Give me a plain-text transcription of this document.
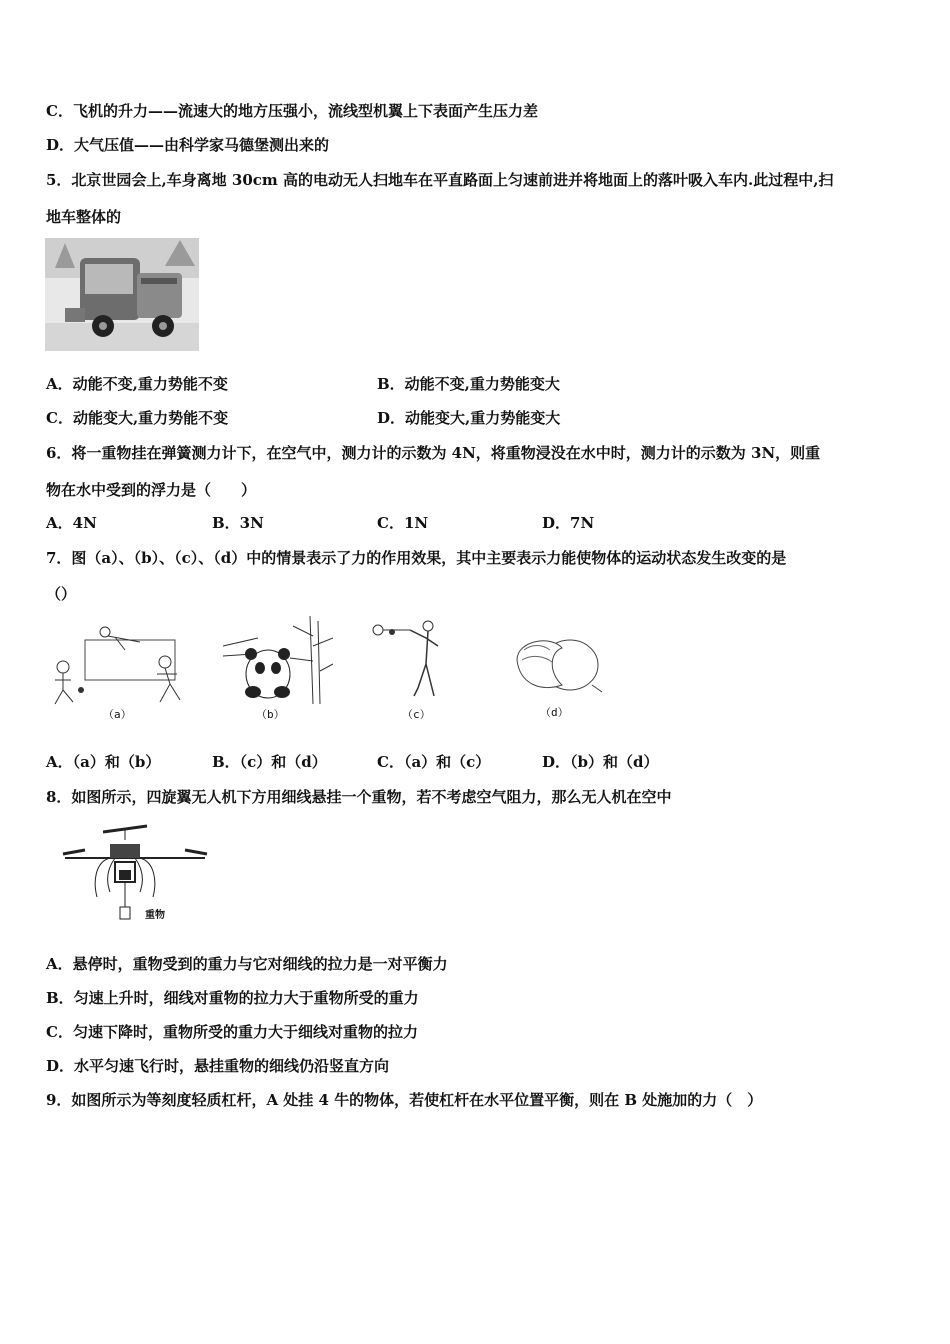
C．飞机的升力——流速大的地方压强小，流线型机翼上下表面产生压力差
D．大气压值——由科学家马德堡测出来的
5．北京世园会上,车身离地 30cm 高的电动无人扫地车在平直路面上匀速前进并将地面上的落叶吸入车内.此过程中,扫
地车整体的
A．动能不变,重力势能不变	B．动能不变,重力势能变大
C．动能变大,重力势能不变	D．动能变大,重力势能变大
6．将一重物挂在弹簧测力计下，在空气中，测力计的示数为 4N，将重物浸没在水中时，测力计的示数为 3N，则重
物在水中受到的浮力是（　　）
A．4N	B．3N	C．1N	D．7N
7．图（a）、（b）、（c）、（d）中的情景表示了力的作用效果，其中主要表示力能使物体的运动状态发生改变的是
（）
（a）	（b）	（c）	（d）
A．（a）和（b）	B．（c）和（d）	C．（a）和（c）	D．（b）和（d）
8．如图所示，四旋翼无人机下方用细线悬挂一个重物，若不考虑空气阻力，那么无人机在空中
重物
A．悬停时，重物受到的重力与它对细线的拉力是一对平衡力
B．匀速上升时，细线对重物的拉力大于重物所受的重力
C．匀速下降时，重物所受的重力大于细线对重物的拉力
D．水平匀速飞行时，悬挂重物的细线仍沿竖直方向
9．如图所示为等刻度轻质杠杆，A 处挂 4 牛的物体，若使杠杆在水平位置平衡，则在 B 处施加的力（　）
